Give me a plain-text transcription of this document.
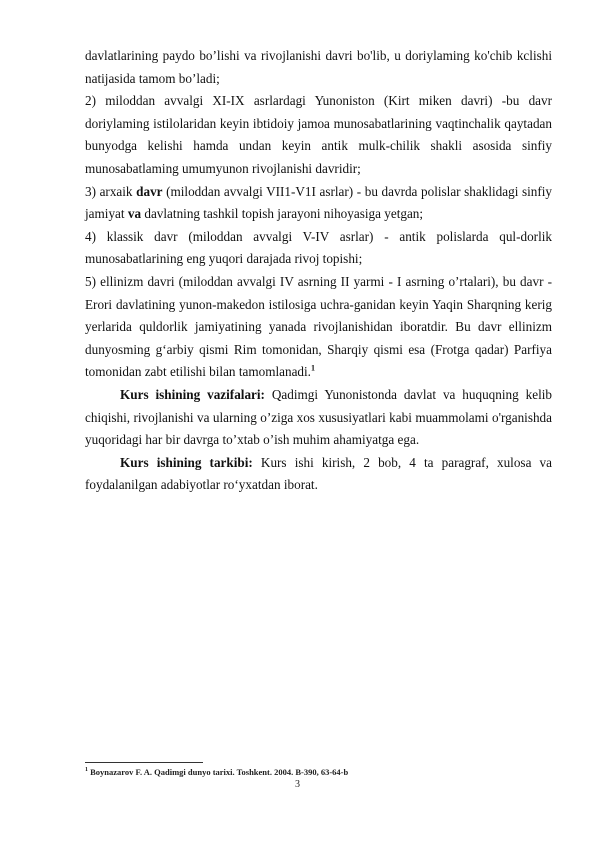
davlatlarining paydo bo’lishi va rivojlanishi davri bo'lib, u doriylaming ko'chib kclishi natijasida tamom bo’ladi;

2) miloddan avvalgi XI-IX asrlardagi Yunoniston (Kirt miken davri) -bu davr doriylaming istilolaridan keyin ibtidoiy jamoa munosabatlarining vaqtinchalik qaytadan bunyodga kelishi hamda undan keyin antik mulk-chilik shakli asosida sinfiy munosabatlaming umumyunon rivojlanishi davridir;

3) arxaik davr (miloddan avvalgi VII1-V1I asrlar) - bu davrda polislar shaklidagi sinfiy jamiyat va davlatning tashkil topish jarayoni nihoyasiga yetgan;

4) klassik davr (miloddan avvalgi V-IV asrlar) - antik polislarda qul-dorlik munosabatlarining eng yuqori darajada rivoj topishi;

5) ellinizm davri (miloddan avvalgi IV asrning II yarmi - I asrning o’rtalari), bu davr - Erori davlatining yunon-makedon istilosiga uchra-ganidan keyin Yaqin Sharqning kerig yerlarida quldorlik jamiyatining yanada rivojlanishidan iboratdir. Bu davr ellinizm dunyosming g‘arbiy qismi Rim tomonidan, Sharqiy qismi esa (Frotga qadar) Parfiya tomonidan zabt etilishi bilan tamomlanadi.$^1$

Kurs ishining vazifalari: Qadimgi Yunonistonda davlat va huquqning kelib chiqishi, rivojlanishi va ularning o’ziga xos xususiyatlari kabi muammolami o'rganishda yuqoridagi har bir davrga to’xtab o’ish muhim ahamiyatga ega.

Kurs ishining tarkibi: Kurs ishi kirish, 2 bob, 4 ta paragraf, xulosa va foydalanilgan adabiyotlar ro‘yxatdan iborat.

$^1$ Boynazarov F. A. Qadimgi dunyo tarixi. Toshkent. 2004. B-390, 63-64-b
3
